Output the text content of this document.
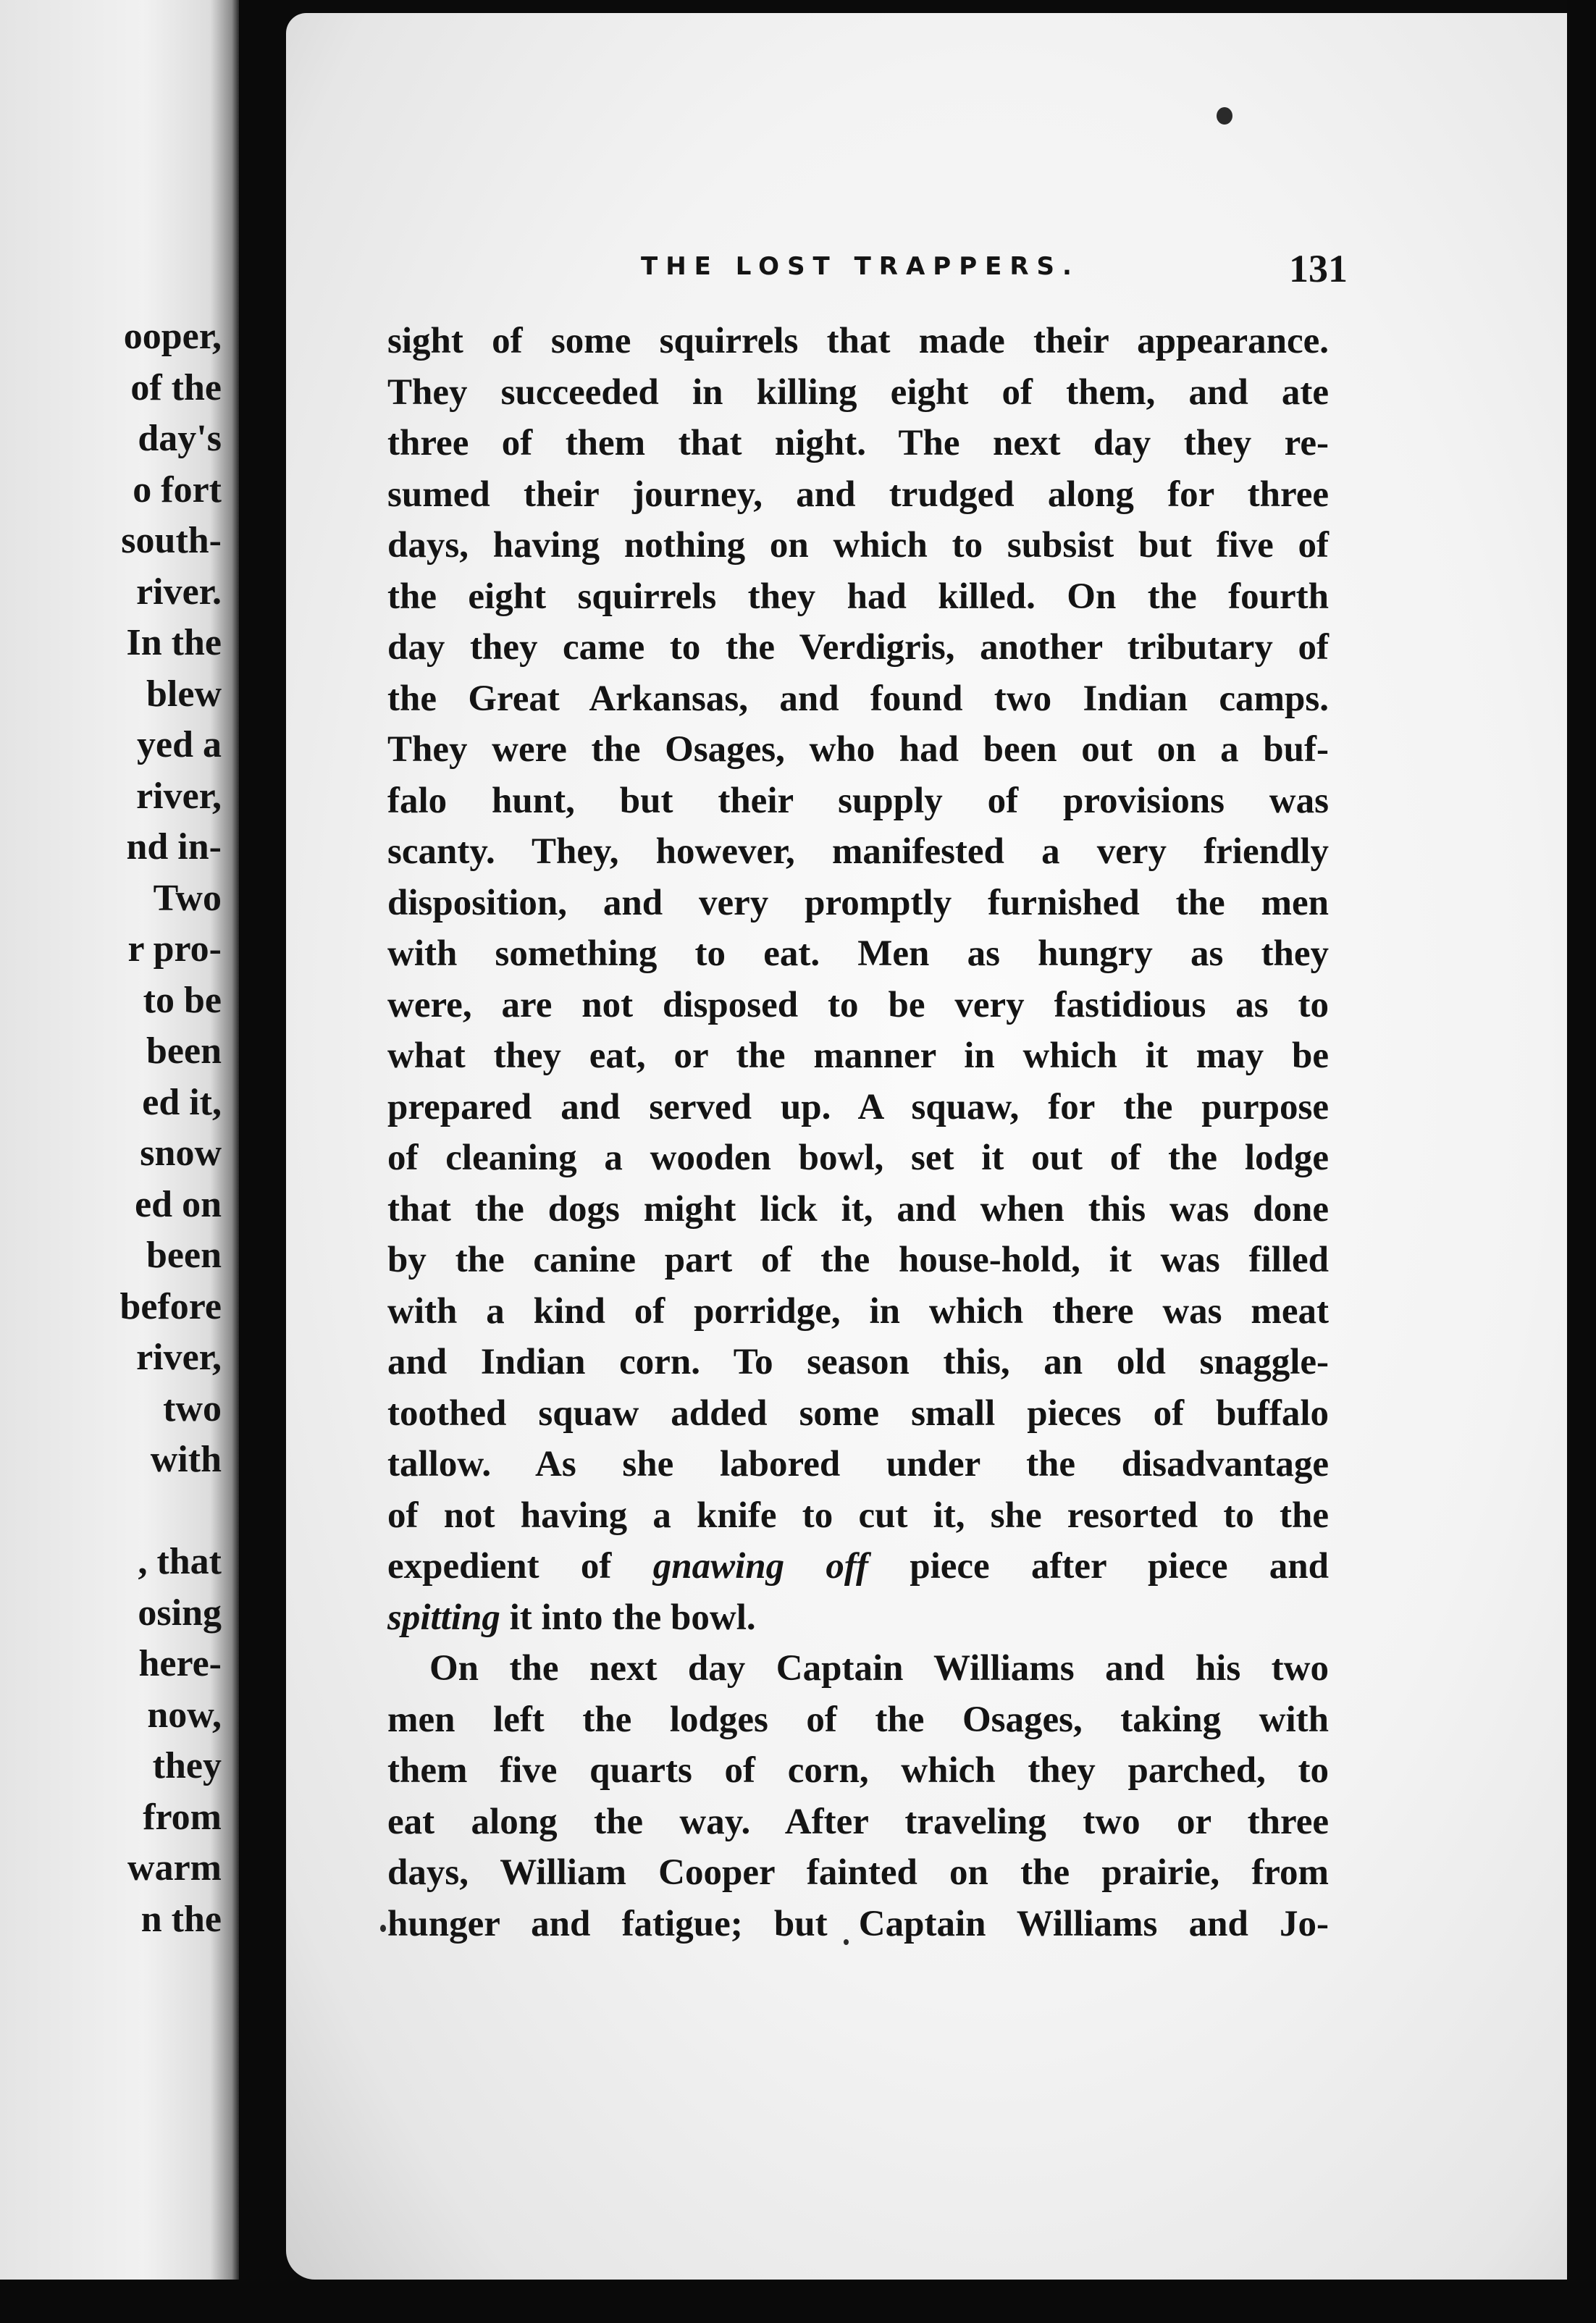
ooper,
of the
day's
o fort
south-
river.
In the
blew
yed a
river,
nd in-
Two
r pro-
to be
been
ed it,
snow
ed on
been
before
river,
two
with
, that
osing
here-
now,
they
from
warm
n the
THE LOST TRAPPERS.	131
sight of some squirrels that made their appearance.
They succeeded in killing eight of them, and ate
three of them that night. The next day they re-
sumed their journey, and trudged along for three
days, having nothing on which to subsist but five of
the eight squirrels they had killed. On the fourth
day they came to the Verdigris, another tributary of
the Great Arkansas, and found two Indian camps.
They were the Osages, who had been out on a buf-
falo hunt, but their supply of provisions was
scanty. They, however, manifested a very friendly
disposition, and very promptly furnished the men
with something to eat. Men as hungry as they
were, are not disposed to be very fastidious as to
what they eat, or the manner in which it may be
prepared and served up. A squaw, for the purpose
of cleaning a wooden bowl, set it out of the lodge
that the dogs might lick it, and when this was done
by the canine part of the house-hold, it was filled
with a kind of porridge, in which there was meat
and Indian corn. To season this, an old snaggle-
toothed squaw added some small pieces of buffalo
tallow. As she labored under the disadvantage
of not having a knife to cut it, she resorted to the
expedient of gnawing off piece after piece and
spitting it into the bowl.
On the next day Captain Williams and his two
men left the lodges of the Osages, taking with
them five quarts of corn, which they parched, to
eat along the way. After traveling two or three
days, William Cooper fainted on the prairie, from
hunger and fatigue; but Captain Williams and Jo-
